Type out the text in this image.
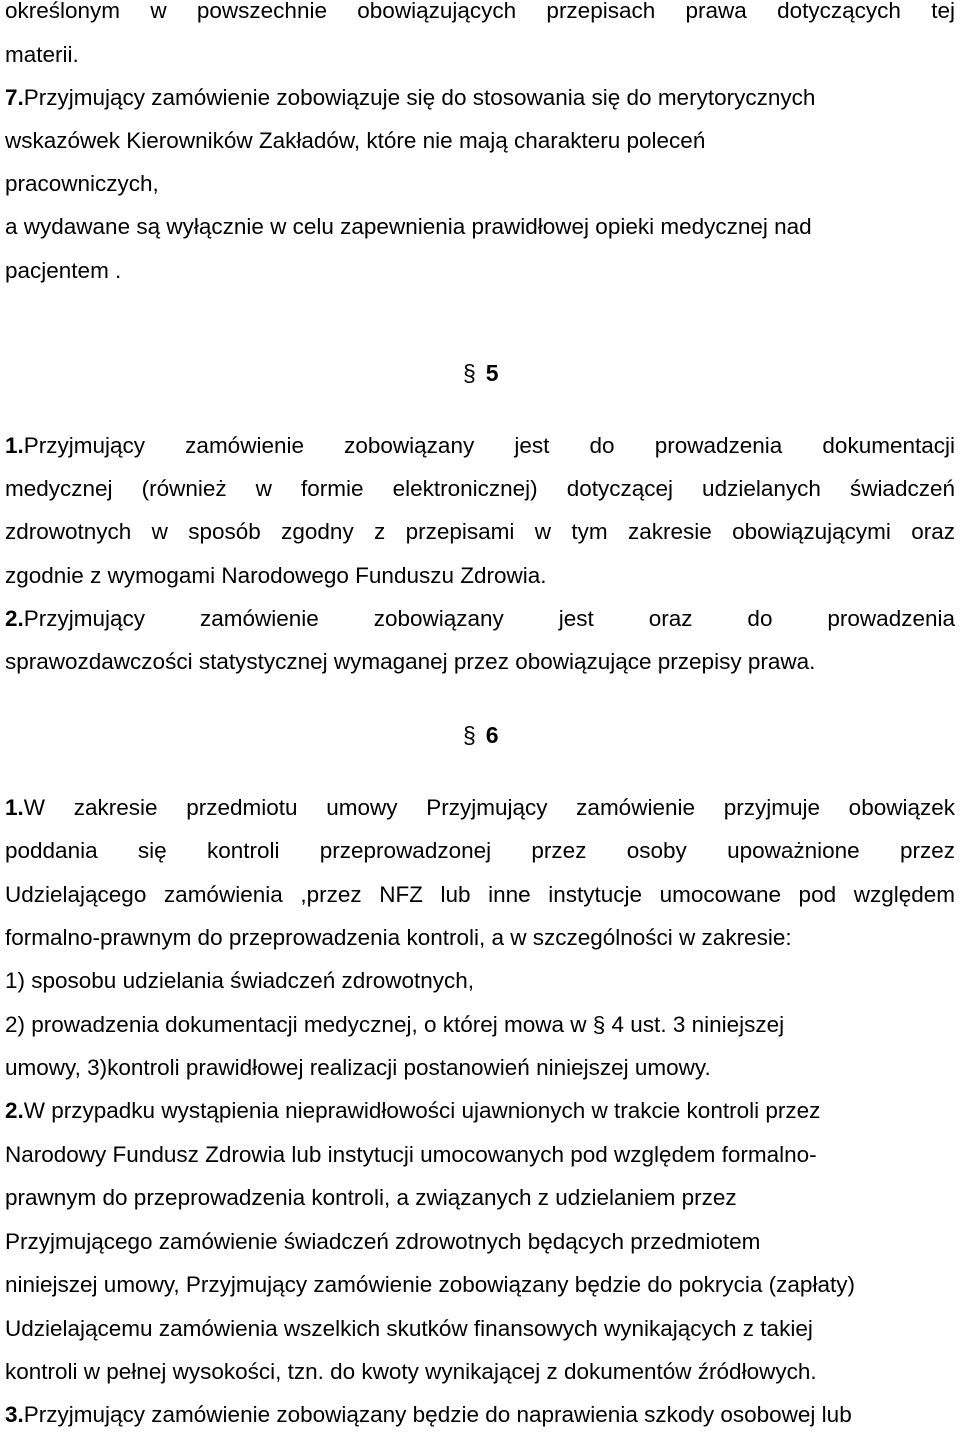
określonym w powszechnie obowiązujących przepisach prawa dotyczących tej
materii.
7.Przyjmujący zamówienie zobowiązuje się do stosowania się do merytorycznych
wskazówek Kierowników Zakładów, które nie mają charakteru poleceń
pracowniczych,
a wydawane są wyłącznie w celu zapewnienia prawidłowej opieki medycznej nad
pacjentem .
§ 5
1.Przyjmujący zamówienie zobowiązany jest do prowadzenia dokumentacji
medycznej (również w formie elektronicznej) dotyczącej udzielanych świadczeń
zdrowotnych w sposób zgodny z przepisami w tym zakresie obowiązującymi oraz
zgodnie z wymogami Narodowego Funduszu Zdrowia.
2.Przyjmujący zamówienie zobowiązany jest oraz do prowadzenia
sprawozdawczości statystycznej wymaganej przez obowiązujące przepisy prawa.
§ 6
1.W zakresie przedmiotu umowy Przyjmujący zamówienie przyjmuje obowiązek
poddania się kontroli przeprowadzonej przez osoby upoważnione przez
Udzielającego zamówienia ,przez NFZ lub inne instytucje umocowane pod względem
formalno-prawnym do przeprowadzenia kontroli, a w szczególności w zakresie:
1) sposobu udzielania świadczeń zdrowotnych,
2) prowadzenia dokumentacji medycznej, o której mowa w § 4 ust. 3 niniejszej
umowy, 3)kontroli prawidłowej realizacji postanowień niniejszej umowy.
2.W przypadku wystąpienia nieprawidłowości ujawnionych w trakcie kontroli przez
Narodowy Fundusz Zdrowia lub instytucji umocowanych pod względem formalno-
prawnym do przeprowadzenia kontroli, a związanych z udzielaniem przez
Przyjmującego zamówienie świadczeń zdrowotnych będących przedmiotem
niniejszej umowy, Przyjmujący zamówienie zobowiązany będzie do pokrycia (zapłaty)
Udzielającemu zamówienia wszelkich skutków finansowych wynikających z takiej
kontroli w pełnej wysokości, tzn. do kwoty wynikającej z dokumentów źródłowych.
3.Przyjmujący zamówienie zobowiązany będzie do naprawienia szkody osobowej lub
